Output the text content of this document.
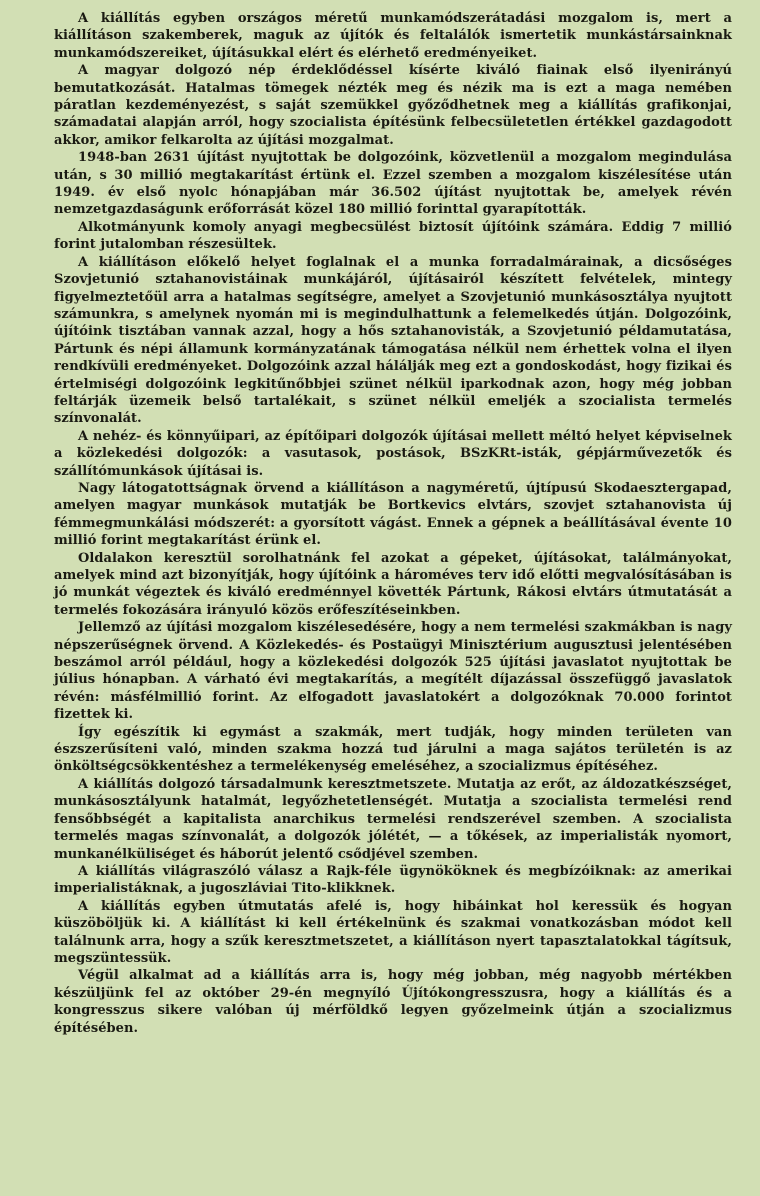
A kiállítás egyben országos méretű munkamódszerátadási mozgalom is, mert a kiállításon szakemberek, maguk az újítók és feltalálók ismertetik munkástársainknak munkamódszereiket, újításukkal elért és elérhető eredményeiket.

A magyar dolgozó nép érdeklődéssel kísérte kiváló fiainak első ilyenirányú bemutatkozását. Hatalmas tömegek nézték meg és nézik ma is ezt a maga nemében páratlan kezdeményezést, s saját szemükkel győződhetnek meg a kiállítás grafikonjai, számadatai alapján arról, hogy szocialista építésünk felbecsületetlen értékkel gazdagodott akkor, amikor felkarolta az újítási mozgalmat.

1948-ban 2631 újítást nyujtottak be dolgozóink, közvetlenül a mozgalom megindulása után, s 30 millió megtakarítást értünk el. Ezzel szemben a mozgalom kiszélesítése után 1949. év első nyolc hónapjában már 36.502 újítást nyujtottak be, amelyek révén nemzetgazdaságunk erőforrását közel 180 millió forinttal gyarapították.

Alkotmányunk komoly anyagi megbecsülést biztosít újítóink számára. Eddig 7 millió forint jutalomban részesültek.

A kiállításon előkelő helyet foglalnak el a munka forradalmárainak, a dicsőséges Szovjetunió sztahanovistáinak munkájáról, újításairól készített felvételek, mintegy figyelmeztetőül arra a hatalmas segítségre, amelyet a Szovjetunió munkásosztálya nyujtott számunkra, s amelynek nyomán mi is megindulhattunk a felemelkedés útján. Dolgozóink, újítóink tisztában vannak azzal, hogy a hős sztahanovisták, a Szovjetunió példamutatása, Pártunk és népi államunk kormányzatának támogatása nélkül nem érhettek volna el ilyen rendkívüli eredményeket. Dolgozóink azzal hálálják meg ezt a gondoskodást, hogy fizikai és értelmiségi dolgozóink legkitűnőbbjei szünet nélkül iparkodnak azon, hogy még jobban feltárják üzemeik belső tartalékait, s szünet nélkül emeljék a szocialista termelés színvonalát.

A nehéz- és könnyűipari, az építőipari dolgozók újításai mellett méltó helyet képviselnek a közlekedési dolgozók: a vasutasok, postások, BSzKRt-isták, gépjárművezetők és szállítómunkások újításai is.

Nagy látogatottságnak örvend a kiállításon a nagyméretű, újtípusú Skodaesztergapad, amelyen magyar munkások mutatják be Bortkevics elvtárs, szovjet sztahanovista új fémmegmunkálási módszerét: a gyorsított vágást. Ennek a gépnek a beállításával évente 10 millió forint megtakarítást érünk el.

Oldalakon keresztül sorolhatnánk fel azokat a gépeket, újításokat, találmányokat, amelyek mind azt bizonyítják, hogy újítóink a hároméves terv idő előtti megvalósításában is jó munkát végeztek és kiváló eredménnyel követték Pártunk, Rákosi elvtárs útmutatását a termelés fokozására irányuló közös erőfeszítéseinkben.

Jellemző az újítási mozgalom kiszélesedésére, hogy a nem termelési szakmákban is nagy népszerűségnek örvend. A Közlekedés- és Postaügyi Minisztérium augusztusi jelentésében beszámol arról például, hogy a közlekedési dolgozók 525 újítási javaslatot nyujtottak be július hónapban. A várható évi megtakarítás, a megítélt díjazással összefüggő javaslatok révén: másfélmillió forint. Az elfogadott javaslatokért a dolgozóknak 70.000 forintot fizettek ki.

Így egészítik ki egymást a szakmák, mert tudják, hogy minden területen van észszerűsíteni való, minden szakma hozzá tud járulni a maga sajátos területén is az önköltségcsökkentéshez a termelékenység emeléséhez, a szocializmus építéséhez.

A kiállítás dolgozó társadalmunk keresztmetszete. Mutatja az erőt, az áldozatkészséget, munkásosztályunk hatalmát, legyőzhetetlenségét. Mutatja a szocialista termelési rend fensőbbségét a kapitalista anarchikus termelési rendszerével szemben. A szocialista termelés magas színvonalát, a dolgozók jólétét, — a tőkések, az imperialisták nyomort, munkanélküliséget és háborút jelentő csődjével szemben.

A kiállítás világraszóló válasz a Rajk-féle ügynököknek és megbízóiknak: az amerikai imperialistáknak, a jugoszláviai Tito-klikknek.

A kiállítás egyben útmutatás afelé is, hogy hibáinkat hol keressük és hogyan küszöböljük ki. A kiállítást ki kell értékelnünk és szakmai vonatkozásban módot kell találnunk arra, hogy a szűk keresztmetszetet, a kiállításon nyert tapasztalatokkal tágítsuk, megszüntessük.

Végül alkalmat ad a kiállítás arra is, hogy még jobban, még nagyobb mértékben készüljünk fel az október 29-én megnyíló Újítókongresszusra, hogy a kiállítás és a kongresszus sikere valóban új mérföldkő legyen győzelmeink útján a szocializmus építésében.
